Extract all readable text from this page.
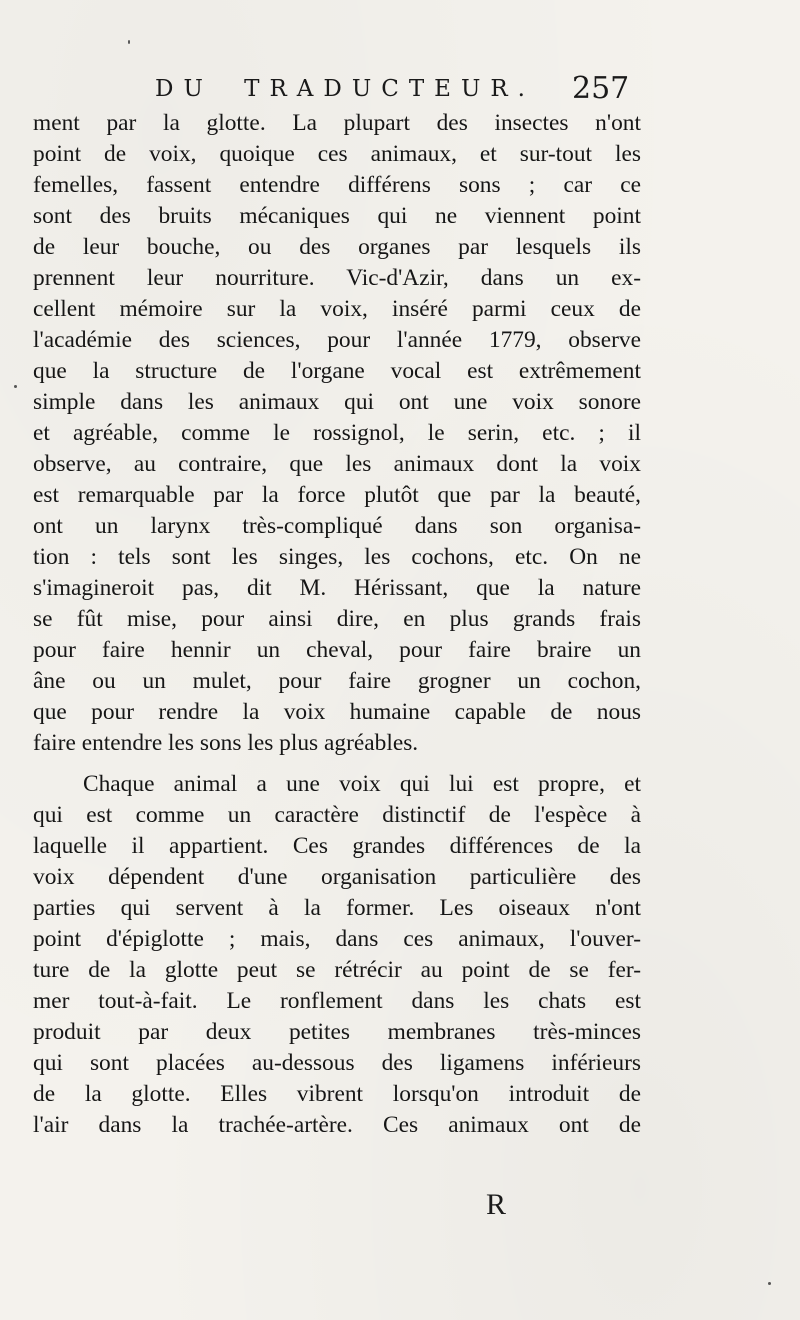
DU TRADUCTEUR. 257
ment par la glotte. La plupart des insectes n'ont
point de voix, quoique ces animaux, et sur-tout les
femelles, fassent entendre différens sons ; car ce
sont des bruits mécaniques qui ne viennent point
de leur bouche, ou des organes par lesquels ils
prennent leur nourriture. Vic-d'Azir, dans un ex-
cellent mémoire sur la voix, inséré parmi ceux de
l'académie des sciences, pour l'année 1779, observe
que la structure de l'organe vocal est extrêmement
simple dans les animaux qui ont une voix sonore
et agréable, comme le rossignol, le serin, etc. ; il
observe, au contraire, que les animaux dont la voix
est remarquable par la force plutôt que par la beauté,
ont un larynx très-compliqué dans son organisa-
tion : tels sont les singes, les cochons, etc. On ne
s'imagineroit pas, dit M. Hérissant, que la nature
se fût mise, pour ainsi dire, en plus grands frais
pour faire hennir un cheval, pour faire braire un
âne ou un mulet, pour faire grogner un cochon,
que pour rendre la voix humaine capable de nous
faire entendre les sons les plus agréables.
Chaque animal a une voix qui lui est propre, et
qui est comme un caractère distinctif de l'espèce à
laquelle il appartient. Ces grandes différences de la
voix dépendent d'une organisation particulière des
parties qui servent à la former. Les oiseaux n'ont
point d'épiglotte ; mais, dans ces animaux, l'ouver-
ture de la glotte peut se rétrécir au point de se fer-
mer tout-à-fait. Le ronflement dans les chats est
produit par deux petites membranes très-minces
qui sont placées au-dessous des ligamens inférieurs
de la glotte. Elles vibrent lorsqu'on introduit de
l'air dans la trachée-artère. Ces animaux ont de
R
